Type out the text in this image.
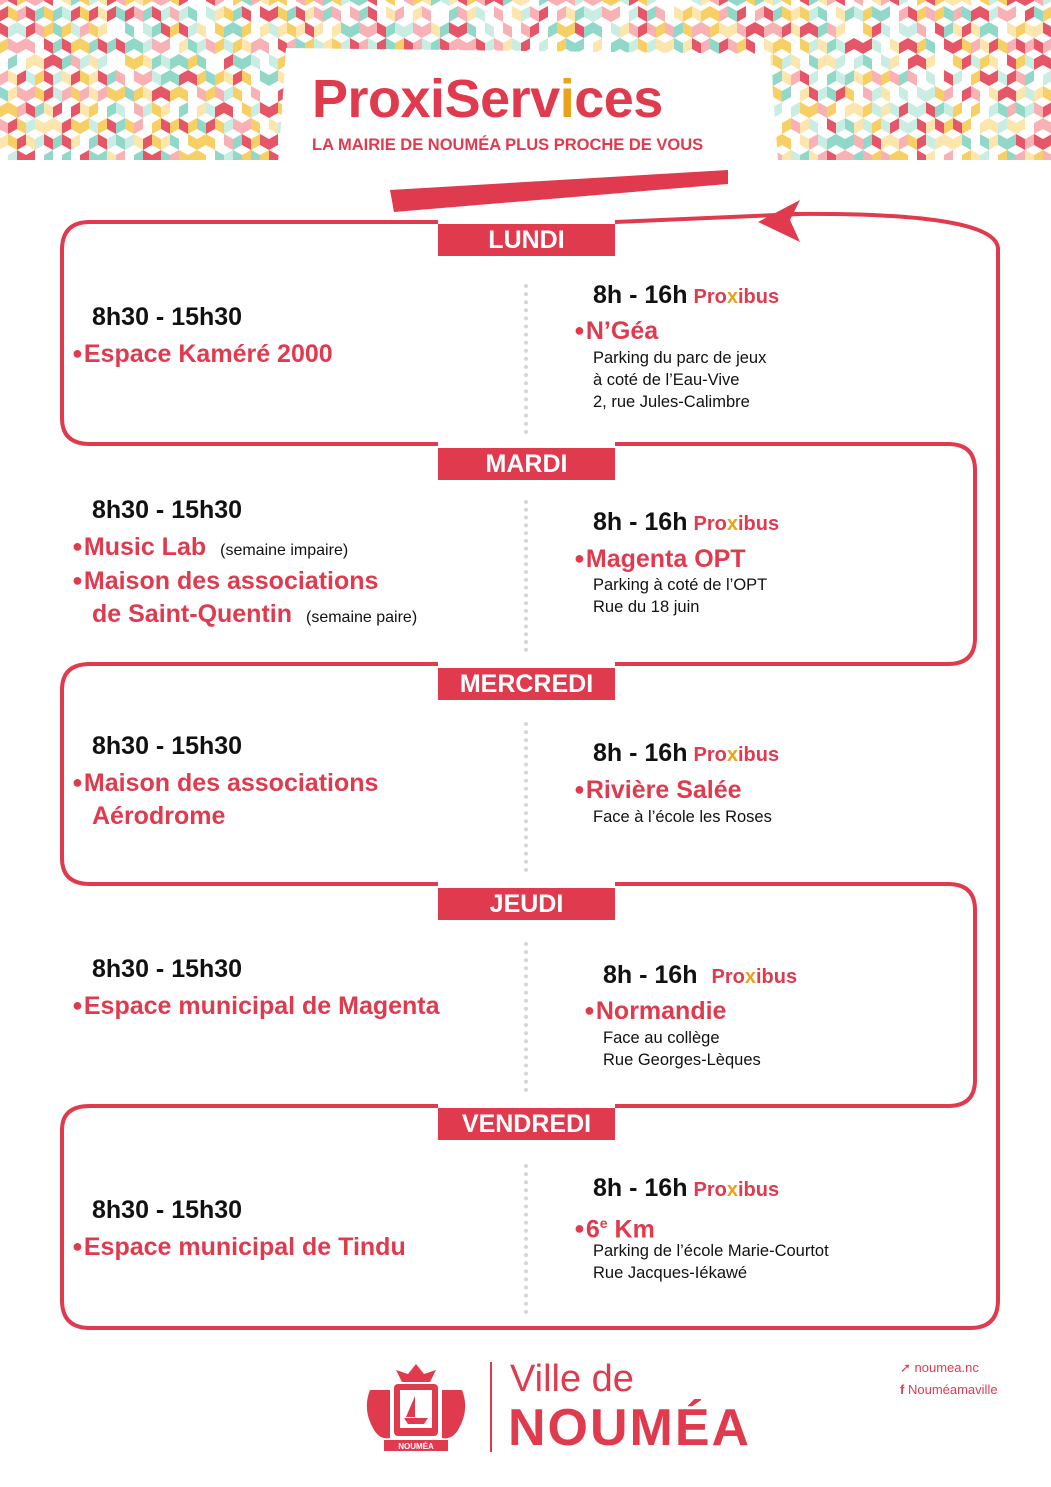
ProxiServices
LA MAIRIE DE NOUMÉA PLUS PROCHE DE VOUS
LUNDI
MARDI
MERCREDI
JEUDI
VENDREDI
8h30 - 15h30
●Espace Kaméré 2000
8h - 16h Proxibus
●N’Géa
Parking du parc de jeux
à coté de l’Eau-Vive
2, rue Jules-Calimbre
8h30 - 15h30
●Music Lab (semaine impaire)
●Maison des associations
de Saint-Quentin (semaine paire)
8h - 16h Proxibus
●Magenta OPT
Parking à coté de l’OPT
Rue du 18 juin
8h30 - 15h30
●Maison des associations
Aérodrome
8h - 16h Proxibus
●Rivière Salée
Face à l’école les Roses
8h30 - 15h30
●Espace municipal de Magenta
8h - 16h Proxibus
●Normandie
Face au collège
Rue Georges-Lèques
8h30 - 15h30
●Espace municipal de Tindu
8h - 16h Proxibus
●6e Km
Parking de l’école Marie-Courtot
Rue Jacques-Iékawé
NOUMÉA
Ville de
NOUMÉA
➚ noumea.nc
f Nouméamaville
